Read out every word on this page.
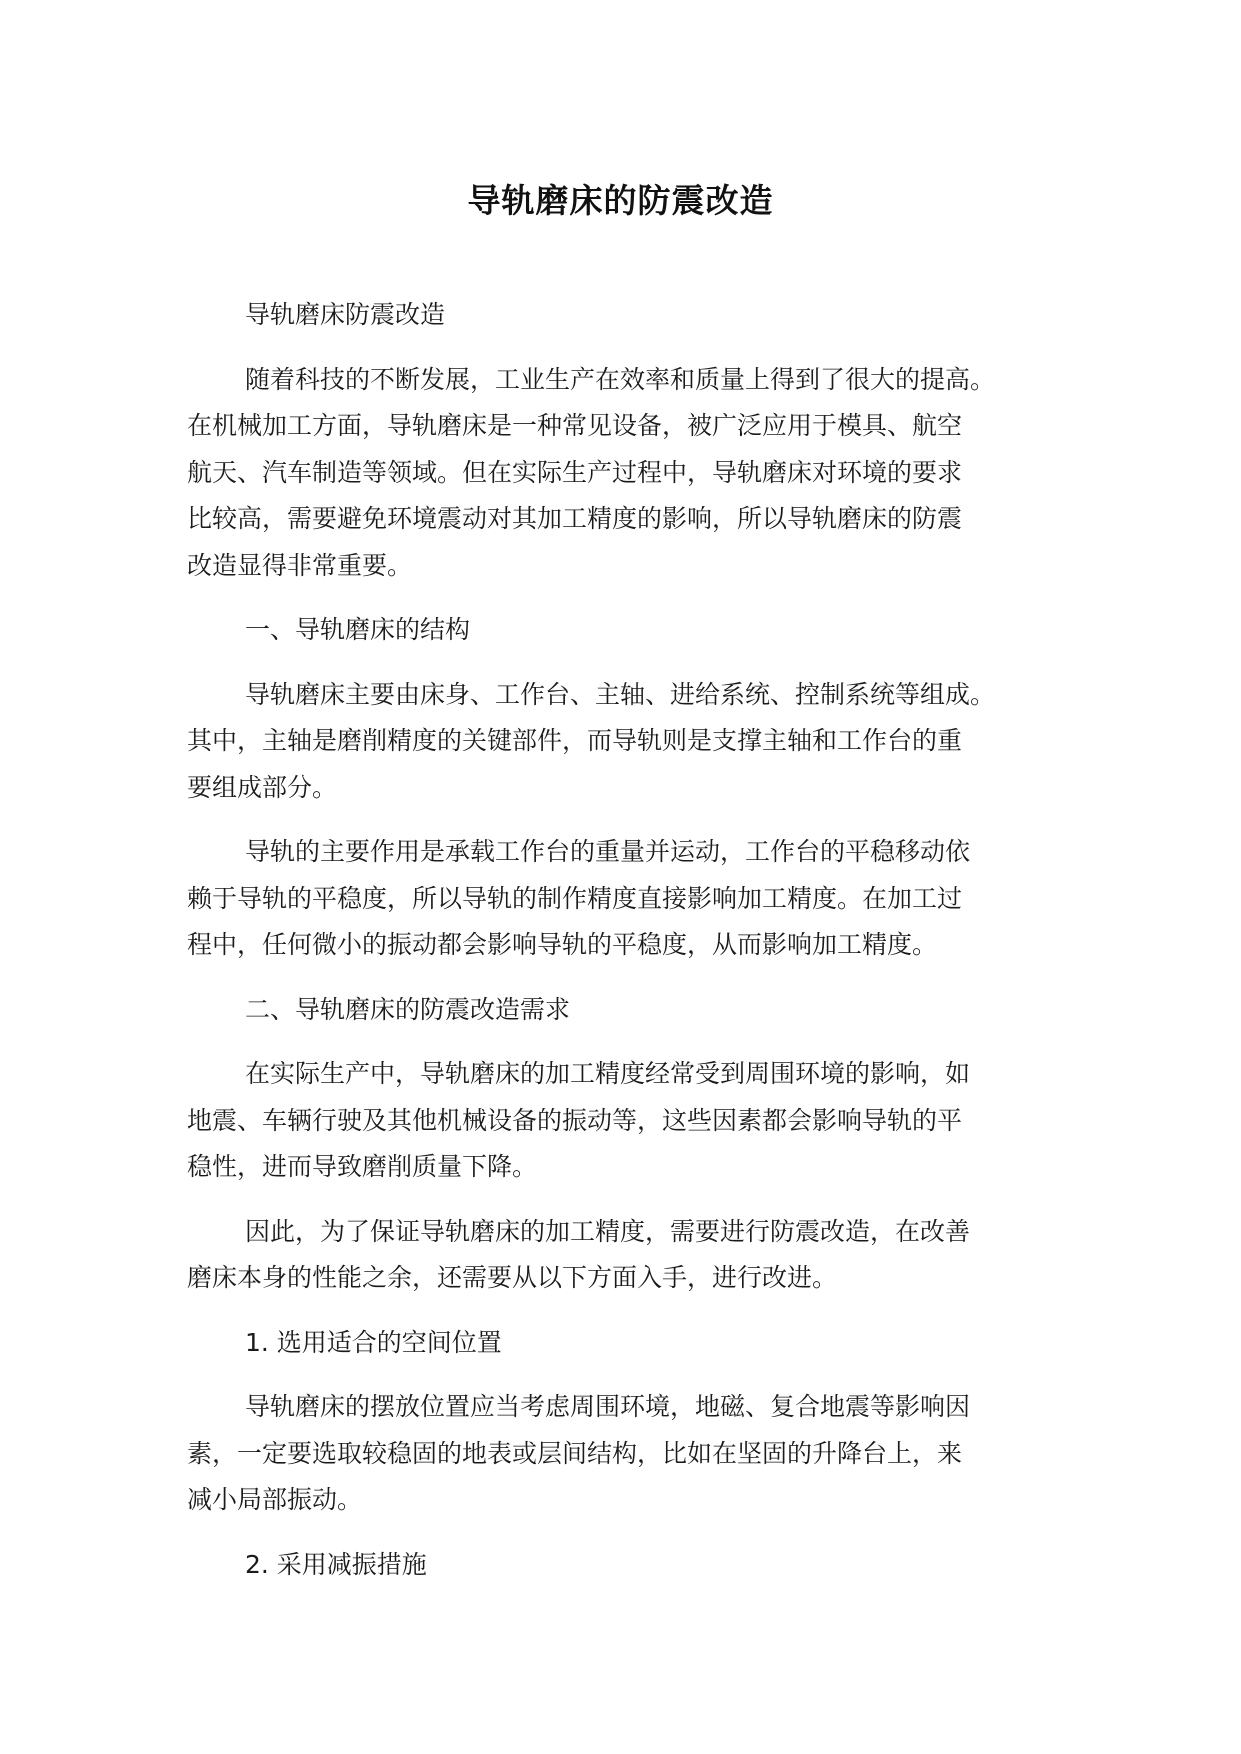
导轨磨床的防震改造

导轨磨床防震改造

随着科技的不断发展，工业生产在效率和质量上得到了很大的提高。
在机械加工方面，导轨磨床是一种常见设备，被广泛应用于模具、航空
航天、汽车制造等领域。但在实际生产过程中，导轨磨床对环境的要求
比较高，需要避免环境震动对其加工精度的影响，所以导轨磨床的防震
改造显得非常重要。

一、导轨磨床的结构

导轨磨床主要由床身、工作台、主轴、进给系统、控制系统等组成。
其中，主轴是磨削精度的关键部件，而导轨则是支撑主轴和工作台的重
要组成部分。

导轨的主要作用是承载工作台的重量并运动，工作台的平稳移动依
赖于导轨的平稳度，所以导轨的制作精度直接影响加工精度。在加工过
程中，任何微小的振动都会影响导轨的平稳度，从而影响加工精度。

二、导轨磨床的防震改造需求

在实际生产中，导轨磨床的加工精度经常受到周围环境的影响，如
地震、车辆行驶及其他机械设备的振动等，这些因素都会影响导轨的平
稳性，进而导致磨削质量下降。

因此，为了保证导轨磨床的加工精度，需要进行防震改造，在改善
磨床本身的性能之余，还需要从以下方面入手，进行改进。

1. 选用适合的空间位置

导轨磨床的摆放位置应当考虑周围环境，地磁、复合地震等影响因
素，一定要选取较稳固的地表或层间结构，比如在坚固的升降台上，来
减小局部振动。

2. 采用减振措施
